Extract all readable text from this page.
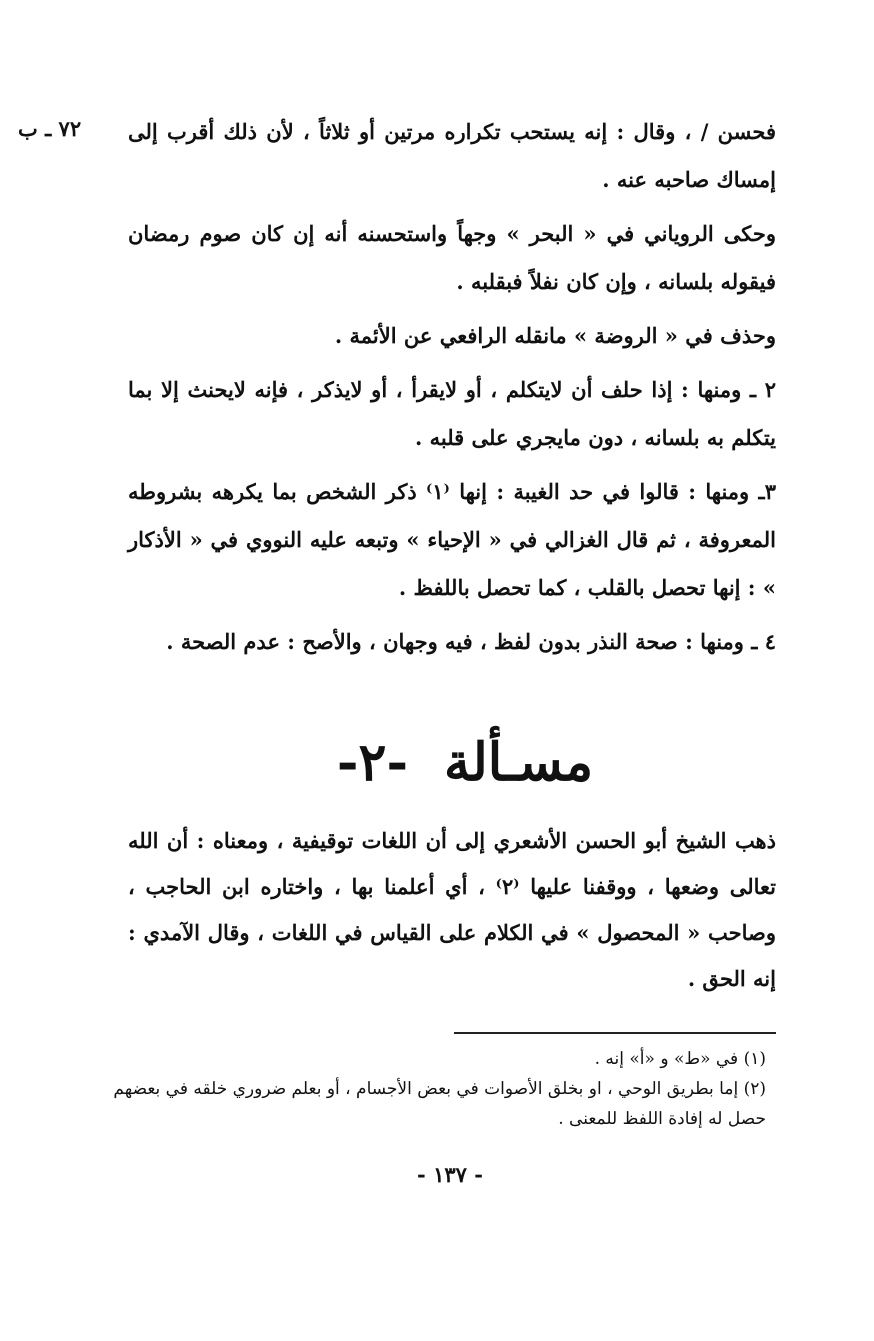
٧٢ ـ ب فحسن / ، وقال : إنه يستحب تكراره مرتين أو ثلاثاً ، لأن ذلك أقرب إلى إمساك صاحبه عنه .

وحكى الروياني في « البحر » وجهاً واستحسنه أنه إن كان صوم رمضان فيقوله بلسانه ، وإن كان نفلاً فبقلبه .

وحذف في « الروضة » مانقله الرافعي عن الأئمة .

٢ ـ ومنها : إذا حلف أن لايتكلم ، أو لايقرأ ، أو لايذكر ، فإنه لايحنث إلا بما يتكلم به بلسانه ، دون مايجري على قلبه .

٣ـ ومنها : قالوا في حد الغيبة : إنها ⁽١⁾ ذكر الشخص بما يكرهه بشروطه المعروفة ، ثم قال الغزالي في « الإحياء » وتبعه عليه النووي في « الأذكار » : إنها تحصل بالقلب ، كما تحصل باللفظ .

٤ ـ ومنها : صحة النذر بدون لفظ ، فيه وجهان ، والأصح : عدم الصحة .

مسـألة-٢-

ذهب الشيخ أبو الحسن الأشعري إلى أن اللغات توقيفية ، ومعناه : أن الله تعالى وضعها ، ووقفنا عليها ⁽٢⁾ ، أي أعلمنا بها ، واختاره ابن الحاجب ، وصاحب « المحصول » في الكلام على القياس في اللغات ، وقال الآمدي : إنه الحق .

(١) في «ط» و «أ» إنه .

(٢) إما بطريق الوحي ، او بخلق الأصوات في بعض الأجسام ، أو بعلم ضروري خلقه في بعضهم حصل له إفادة اللفظ للمعنى .

- ١٣٧ -
